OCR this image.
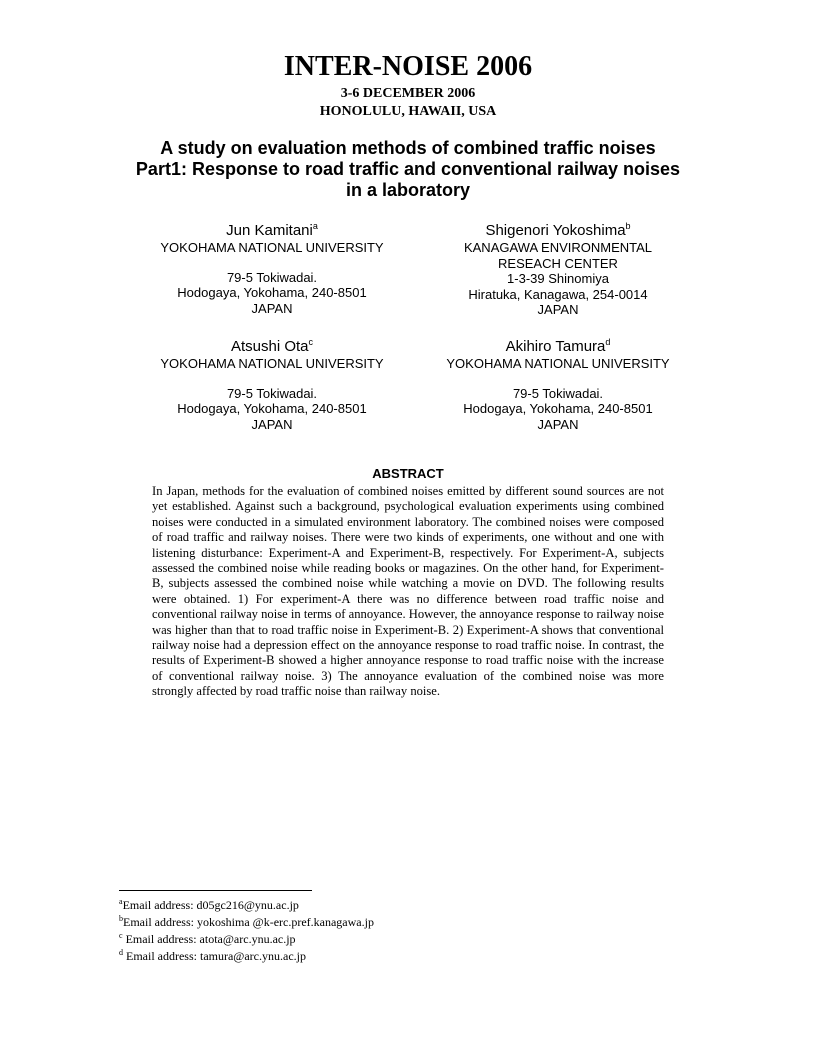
INTER-NOISE 2006
3-6 DECEMBER 2006
HONOLULU, HAWAII, USA
A study on evaluation methods of combined traffic noises
Part1: Response to road traffic and conventional railway noises
in a laboratory
Jun Kamitani$^a$
YOKOHAMA NATIONAL UNIVERSITY
79-5 Tokiwadai.
Hodogaya, Yokohama, 240-8501
JAPAN
Shigenori Yokoshima$^b$
KANAGAWA ENVIRONMENTAL
RESEACH CENTER
1-3-39 Shinomiya
Hiratuka, Kanagawa, 254-0014
JAPAN
Atsushi Ota$^c$
YOKOHAMA NATIONAL UNIVERSITY
79-5 Tokiwadai.
Hodogaya, Yokohama, 240-8501
JAPAN
Akihiro Tamura$^d$
YOKOHAMA NATIONAL UNIVERSITY
79-5 Tokiwadai.
Hodogaya, Yokohama, 240-8501
JAPAN
ABSTRACT
In Japan, methods for the evaluation of combined noises emitted by different sound sources are not yet established. Against such a background, psychological evaluation experiments using combined noises were conducted in a simulated environment laboratory. The combined noises were composed of road traffic and railway noises. There were two kinds of experiments, one without and one with listening disturbance: Experiment-A and Experiment-B, respectively. For Experiment-A, subjects assessed the combined noise while reading books or magazines. On the other hand, for Experiment-B, subjects assessed the combined noise while watching a movie on DVD. The following results were obtained. 1) For experiment-A there was no difference between road traffic noise and conventional railway noise in terms of annoyance. However, the annoyance response to railway noise was higher than that to road traffic noise in Experiment-B. 2) Experiment-A shows that conventional railway noise had a depression effect on the annoyance response to road traffic noise. In contrast, the results of Experiment-B showed a higher annoyance response to road traffic noise with the increase of conventional railway noise. 3) The annoyance evaluation of the combined noise was more strongly affected by road traffic noise than railway noise.
$^a$Email address: d05gc216@ynu.ac.jp
$^b$Email address: yokoshima @k-erc.pref.kanagawa.jp
$^c$ Email address: atota@arc.ynu.ac.jp
$^d$ Email address: tamura@arc.ynu.ac.jp
